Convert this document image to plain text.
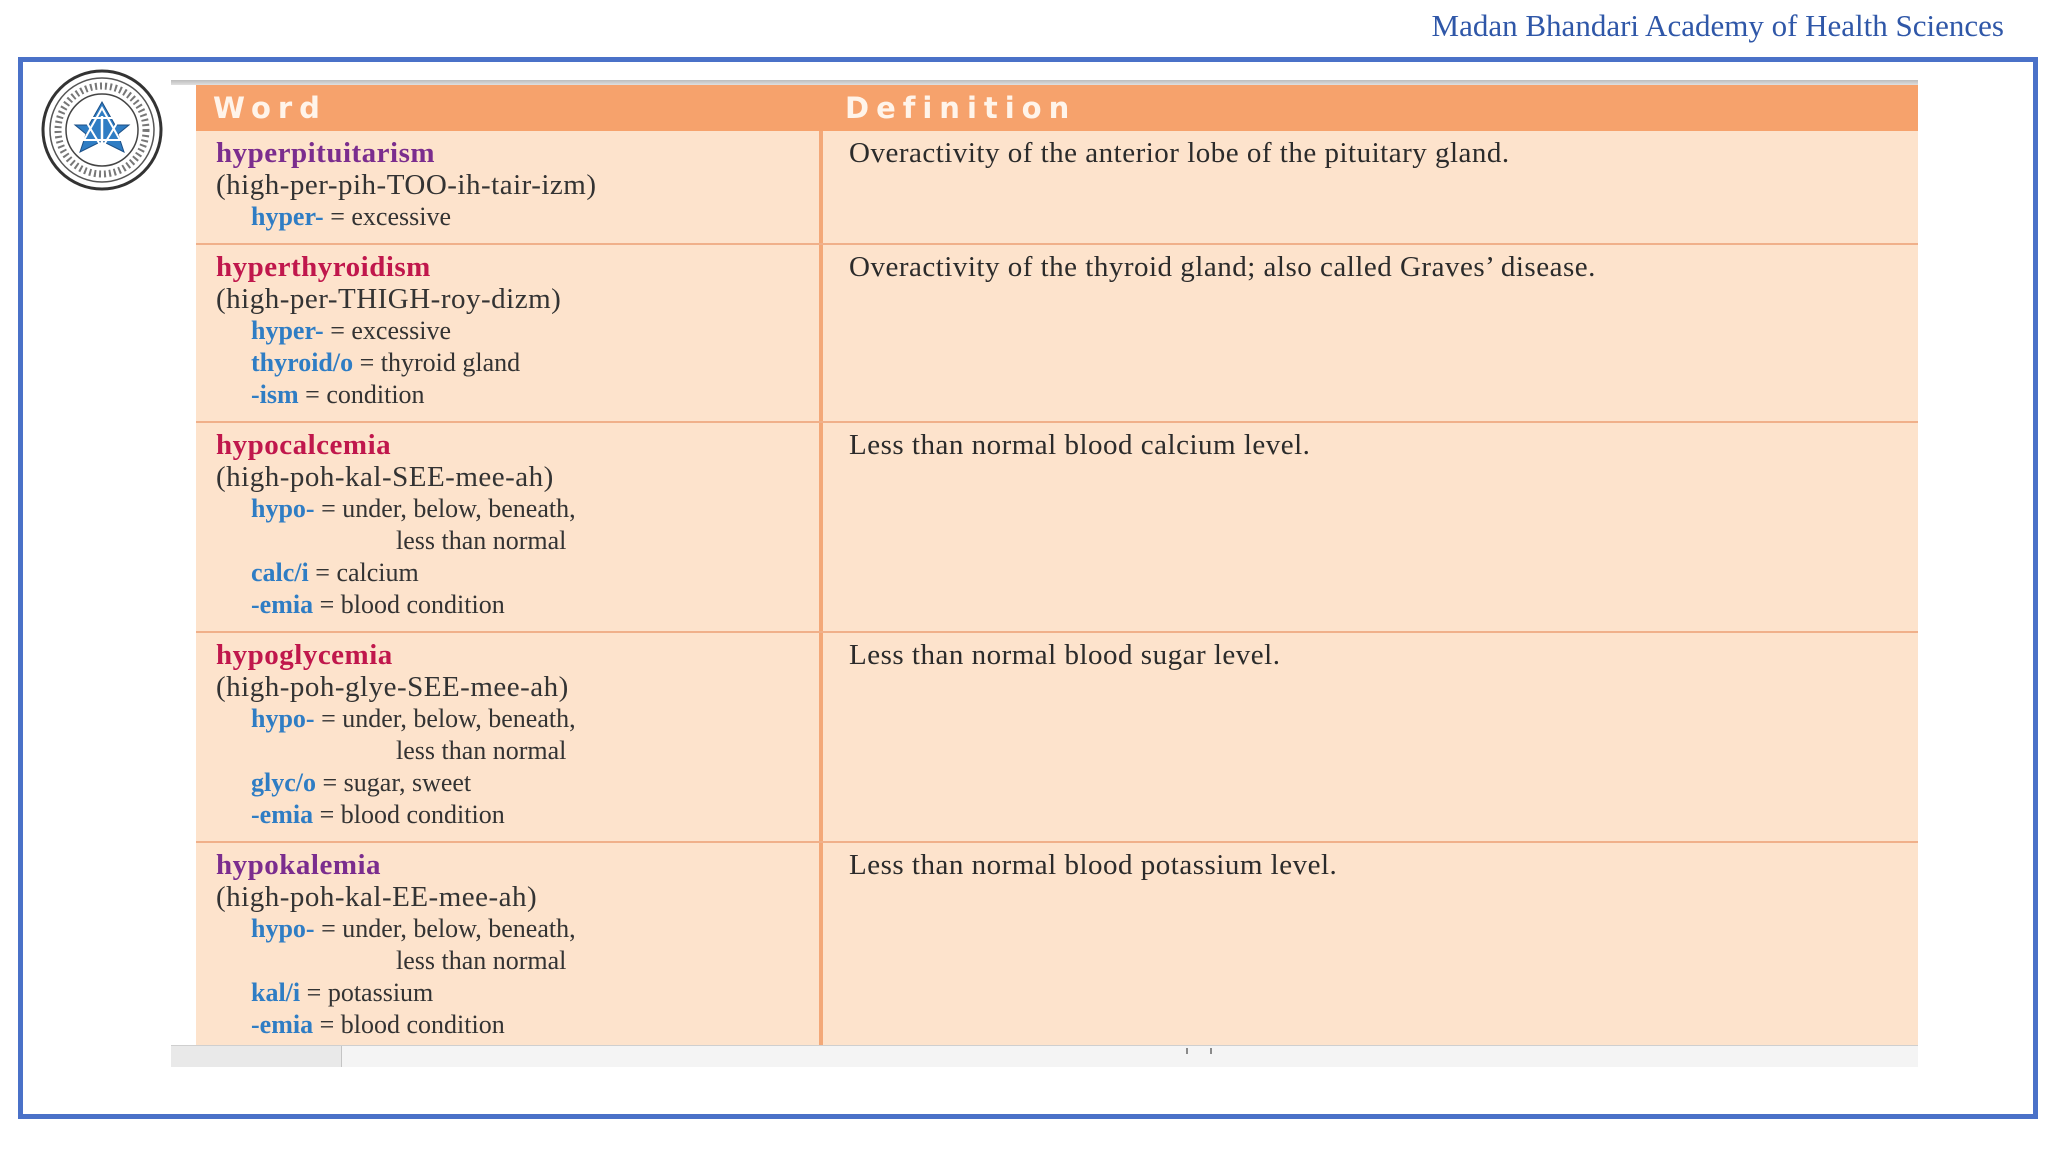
Madan Bhandari Academy of Health Sciences
Word	Definition
hyperpituitarism
(high-per-pih-TOO-ih-tair-izm)
hyper- = excessive
Overactivity of the anterior lobe of the pituitary gland.
hyperthyroidism
(high-per-THIGH-roy-dizm)
hyper- = excessive
thyroid/o = thyroid gland
-ism = condition
Overactivity of the thyroid gland; also called Graves’ disease.
hypocalcemia
(high-poh-kal-SEE-mee-ah)
hypo- = under, below, beneath,
less than normal
calc/i = calcium
-emia = blood condition
Less than normal blood calcium level.
hypoglycemia
(high-poh-glye-SEE-mee-ah)
hypo- = under, below, beneath,
less than normal
glyc/o = sugar, sweet
-emia = blood condition
Less than normal blood sugar level.
hypokalemia
(high-poh-kal-EE-mee-ah)
hypo- = under, below, beneath,
less than normal
kal/i = potassium
-emia = blood condition
Less than normal blood potassium level.
